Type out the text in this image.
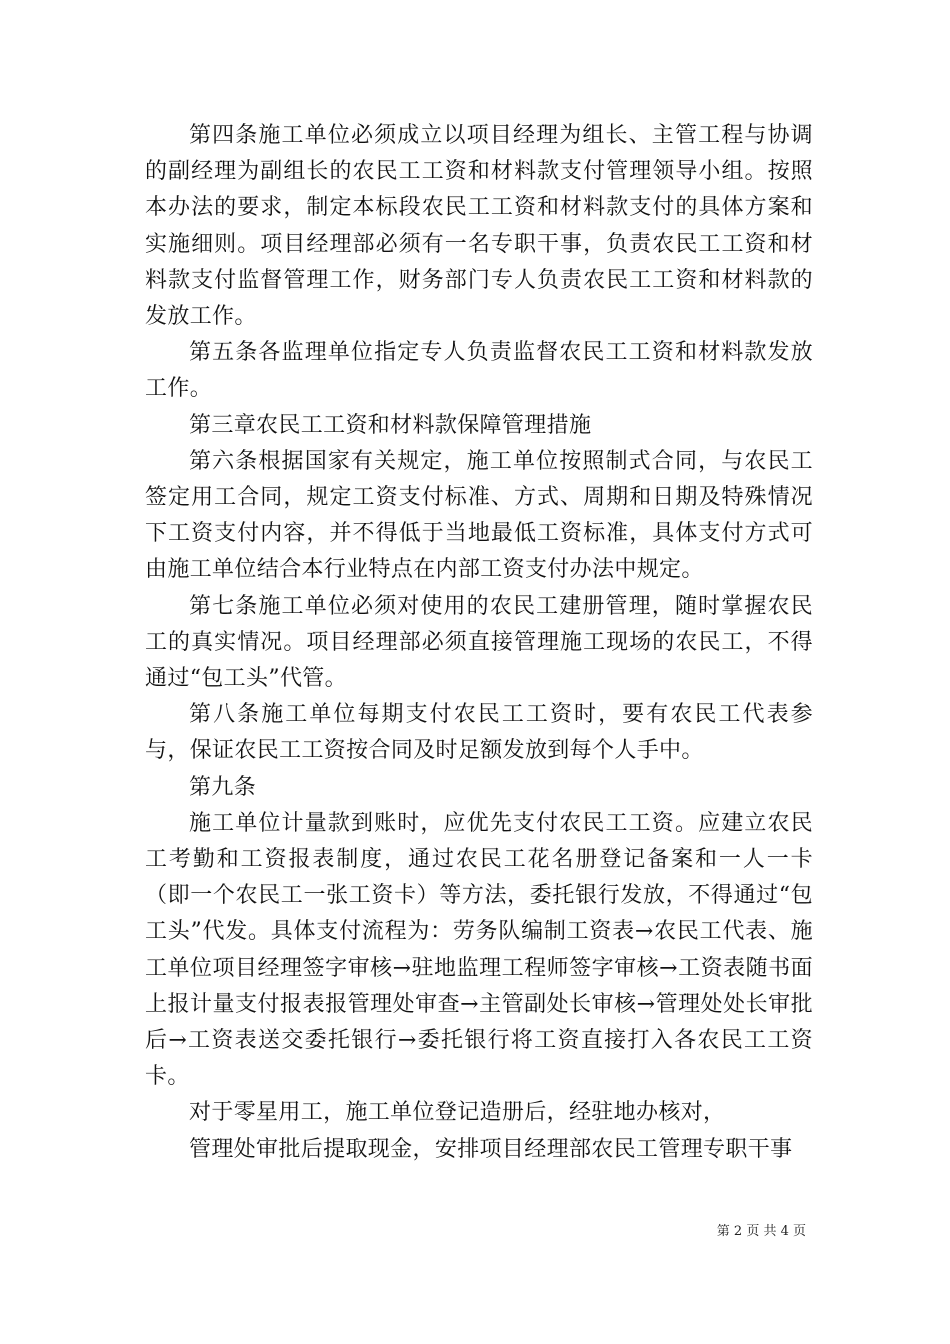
第四条施工单位必须成立以项目经理为组长、主管工程与协调的副经理为副组长的农民工工资和材料款支付管理领导小组。按照本办法的要求，制定本标段农民工工资和材料款支付的具体方案和实施细则。项目经理部必须有一名专职干事，负责农民工工资和材料款支付监督管理工作，财务部门专人负责农民工工资和材料款的发放工作。

第五条各监理单位指定专人负责监督农民工工资和材料款发放工作。

第三章农民工工资和材料款保障管理措施

第六条根据国家有关规定，施工单位按照制式合同，与农民工签定用工合同，规定工资支付标准、方式、周期和日期及特殊情况下工资支付内容，并不得低于当地最低工资标准，具体支付方式可由施工单位结合本行业特点在内部工资支付办法中规定。

第七条施工单位必须对使用的农民工建册管理，随时掌握农民工的真实情况。项目经理部必须直接管理施工现场的农民工，不得通过“包工头”代管。

第八条施工单位每期支付农民工工资时，要有农民工代表参与，保证农民工工资按合同及时足额发放到每个人手中。

第九条

施工单位计量款到账时，应优先支付农民工工资。应建立农民工考勤和工资报表制度，通过农民工花名册登记备案和一人一卡（即一个农民工一张工资卡）等方法，委托银行发放，不得通过“包工头”代发。具体支付流程为：劳务队编制工资表→农民工代表、施工单位项目经理签字审核→驻地监理工程师签字审核→工资表随书面上报计量支付报表报管理处审查→主管副处长审核→管理处处长审批后→工资表送交委托银行→委托银行将工资直接打入各农民工工资卡。

对于零星用工，施工单位登记造册后，经驻地办核对，

管理处审批后提取现金，安排项目经理部农民工管理专职干事

第 2 页 共 4 页
